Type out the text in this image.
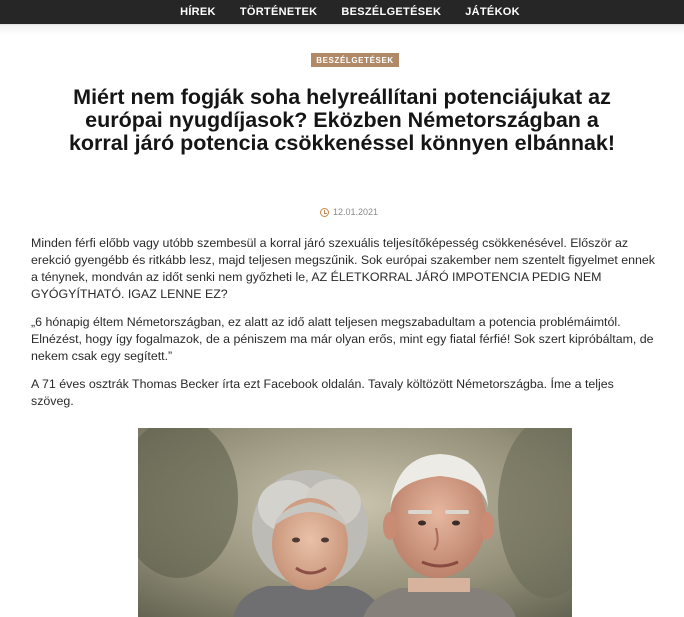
HÍREK	TÖRTÉNETEK	BESZÉLGETÉSEK	JÁTÉKOK
BESZÉLGETÉSEK
Miért nem fogják soha helyreállítani potenciájukat az európai nyugdíjasok? Eközben Németországban a korral járó potencia csökkenéssel könnyen elbánnak!
12.01.2021

Minden férfi előbb vagy utóbb szembesül a korral járó szexuális teljesítőképesség csökkenésével. Először az erekció gyengébb és ritkább lesz, majd teljesen megszűnik. Sok európai szakember nem szentelt figyelmet ennek a ténynek, mondván az időt senki nem győzheti le, AZ ÉLETKORRAL JÁRÓ IMPOTENCIA PEDIG NEM GYÓGYÍTHATÓ. IGAZ LENNE EZ?

„6 hónapig éltem Németországban, ez alatt az idő alatt teljesen megszabadultam a potencia problémáimtól. Elnézést, hogy így fogalmazok, de a péniszem ma már olyan erős, mint egy fiatal férfié! Sok szert kipróbáltam, de nekem csak egy segített.”

A 71 éves osztrák Thomas Becker írta ezt Facebook oldalán. Tavaly költözött Németországba. Íme a teljes szöveg.
